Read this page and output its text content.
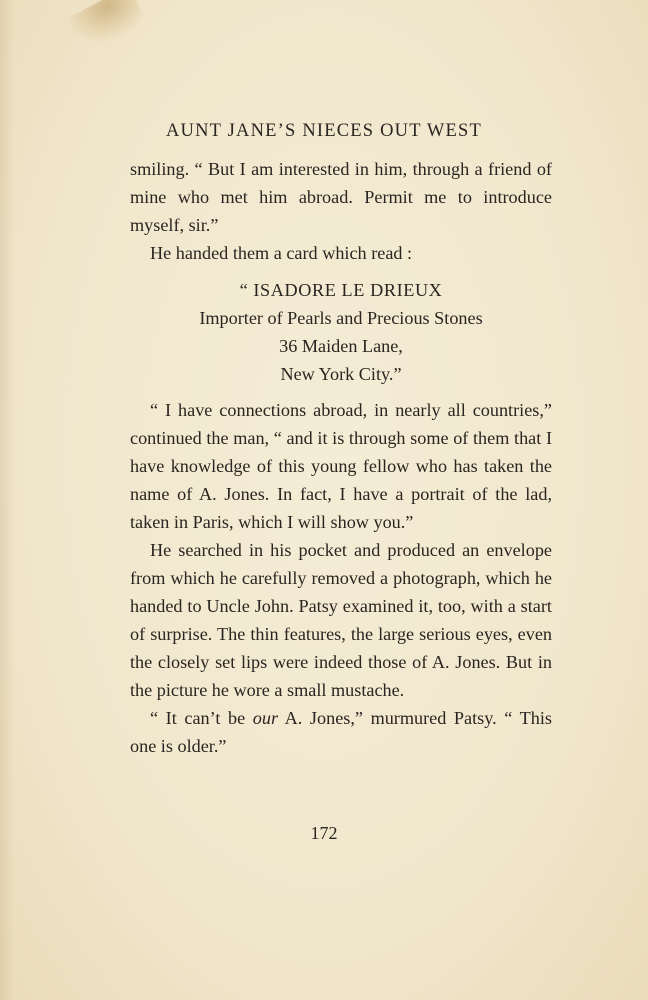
AUNT JANE’S NIECES OUT WEST

smiling. “ But I am interested in him, through a friend of mine who met him abroad. Permit me to introduce myself, sir.”

He handed them a card which read :

“ ISADORE LE DRIEUX
Importer of Pearls and Precious Stones
36 Maiden Lane,
New York City.”

“ I have connections abroad, in nearly all countries,” continued the man, “ and it is through some of them that I have knowledge of this young fellow who has taken the name of A. Jones. In fact, I have a portrait of the lad, taken in Paris, which I will show you.”

He searched in his pocket and produced an envelope from which he carefully removed a photograph, which he handed to Uncle John. Patsy examined it, too, with a start of surprise. The thin features, the large serious eyes, even the closely set lips were indeed those of A. Jones. But in the picture he wore a small mustache.

“ It can’t be our A. Jones,” murmured Patsy. “ This one is older.”

172
